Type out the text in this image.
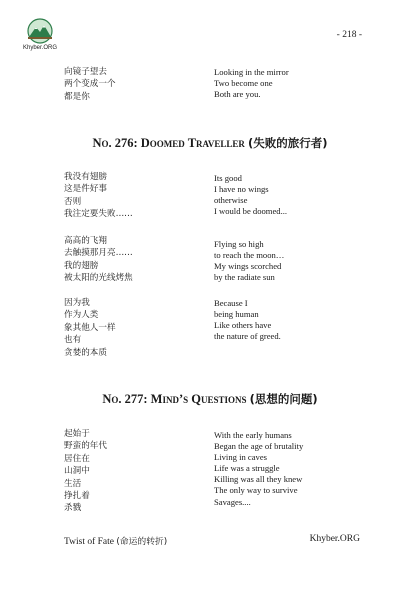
Khyber.ORG
- 218 -
向镜子望去
两个变成一个
都是你
Looking in the mirror
Two become one
Both are you.
No. 276: Doomed Traveller (失败的旅行者)
我没有翅膀
这是件好事
否则
我注定要失败……
Its good
I have no wings
otherwise
I would be doomed...
高高的飞翔
去触摸那月亮……
我的翅膀
被太阳的光线烤焦
Flying so high
to reach the moon…
My wings scorched
by the radiate sun
因为我
作为人类
象其他人一样
也有
贪婪的本质
Because I
being human
Like others have
the nature of greed.
No. 277: Mind’s Questions (思想的问题)
起始于
野蛮的年代
居住在
山洞中
生活
挣扎着
杀戮
With the early humans
Began the age of brutality
Living in caves
Life was a struggle
Killing was all they knew
The only way to survive
Savages....
Twist of Fate (命运的转折)	Khyber.ORG
